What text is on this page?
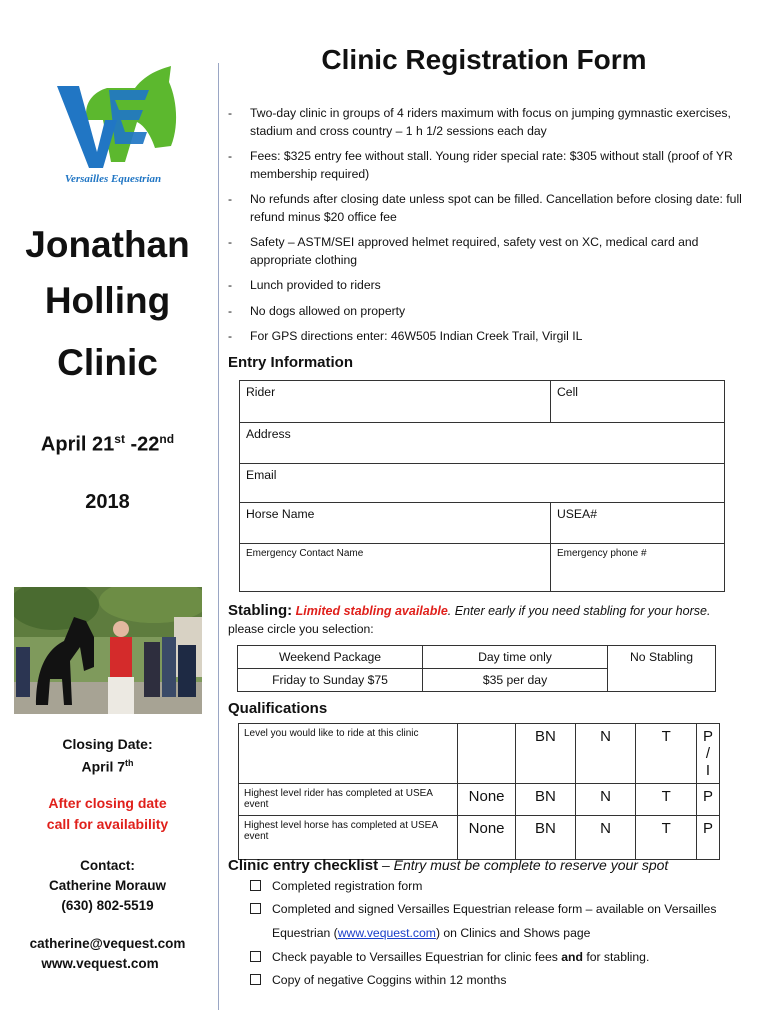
Versailles Equestrian
Jonathan
Holling
Clinic
April 21st -22nd
2018
Closing Date:
April 7th
After closing date
call for availability
Contact:
Catherine Morauw
(630) 802-5519
catherine@vequest.com
www.vequest.com
Clinic Registration Form
- Two-day clinic in groups of 4 riders maximum with focus on jumping gymnastic exercises, stadium and cross country – 1 h 1/2 sessions each day
- Fees: $325 entry fee without stall. Young rider special rate: $305 without stall (proof of YR membership required)
- No refunds after closing date unless spot can be filled. Cancellation before closing date: full refund minus $20 office fee
- Safety – ASTM/SEI approved helmet required, safety vest on XC, medical card and appropriate clothing
- Lunch provided to riders
- No dogs allowed on property
- For GPS directions enter: 46W505 Indian Creek Trail, Virgil IL
Entry Information
Rider	Cell
Address	
Email	
Horse Name	USEA#
Emergency Contact Name	Emergency phone #
Stabling: Limited stabling available. Enter early if you need stabling for your horse.
please circle you selection:
Weekend Package	Day time only	No Stabling
Friday to Sunday $75	$35 per day	
Qualifications
Level you would like to ride at this clinic		BN	N	T	P / I
Highest level rider has completed at USEA event	None	BN	N	T	P
Highest level horse has completed at USEA event	None	BN	N	T	P
Clinic entry checklist – Entry must be complete to reserve your spot
Completed registration form
Completed and signed Versailles Equestrian release form – available on Versailles
Equestrian (www.vequest.com) on Clinics and Shows page
Check payable to Versailles Equestrian for clinic fees and for stabling.
Copy of negative Coggins within 12 months
